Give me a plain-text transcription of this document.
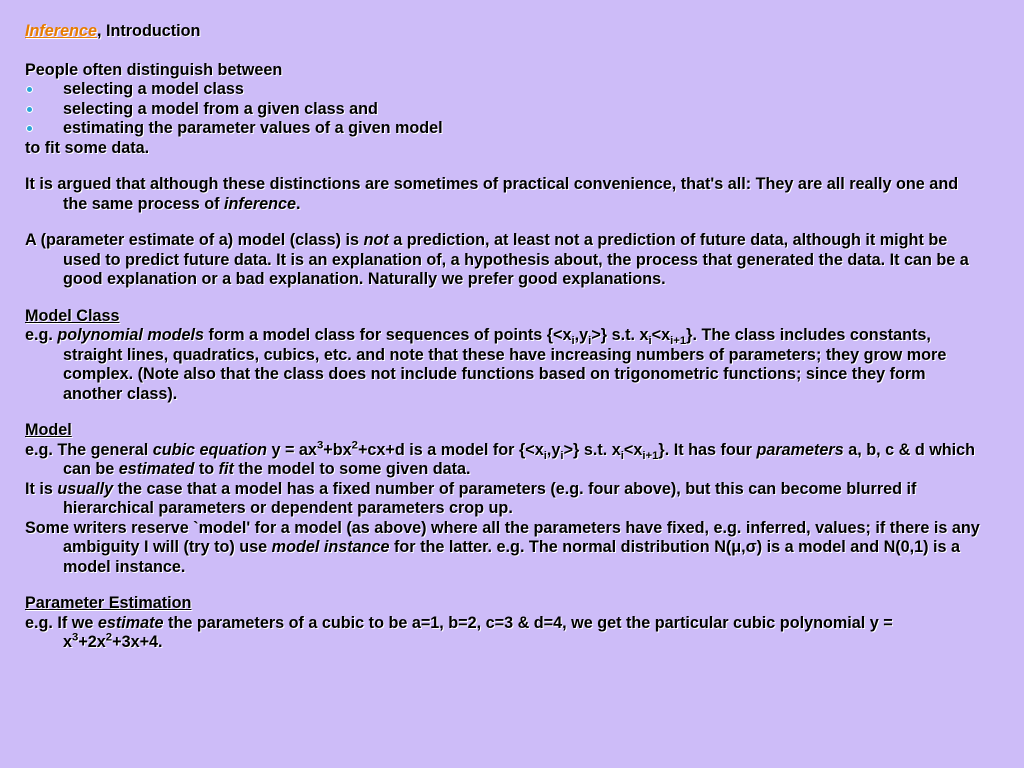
Inference, Introduction

People often distinguish between

selecting a model class
selecting a model from a given class and
estimating the parameter values of a given model

to fit some data.

It is argued that although these distinctions are sometimes of practical convenience, that's all: They are all really one and the same process of inference.

A (parameter estimate of a) model (class) is not a prediction, at least not a prediction of future data, although it might be used to predict future data. It is an explanation of, a hypothesis about, the process that generated the data. It can be a good explanation or a bad explanation. Naturally we prefer good explanations.

Model Class

e.g. polynomial models form a model class for sequences of points $\{<x_i,y_i>\}$ s.t. $x_i<x_{i+1}$}. The class includes constants, straight lines, quadratics, cubics, etc. and note that these have increasing numbers of parameters; they grow more complex. (Note also that the class does not include functions based on trigonometric functions; since they form another class).

Model

e.g. The general cubic equation $y = ax^3+bx^2+cx+d$ is a model for $\{<x_i,y_i>\}$ s.t. $x_i<x_{i+1}$}. It has four parameters a, b, c & d which can be estimated to fit the model to some given data.

It is usually the case that a model has a fixed number of parameters (e.g. four above), but this can become blurred if hierarchical parameters or dependent parameters crop up.

Some writers reserve `model' for a model (as above) where all the parameters have fixed, e.g. inferred, values; if there is any ambiguity I will (try to) use model instance for the latter. e.g. The normal distribution N(μ,σ) is a model and N(0,1) is a model instance.

Parameter Estimation

e.g. If we estimate the parameters of a cubic to be a=1, b=2, c=3 & d=4, we get the particular cubic polynomial $y = x^3+2x^2+3x+4$.
